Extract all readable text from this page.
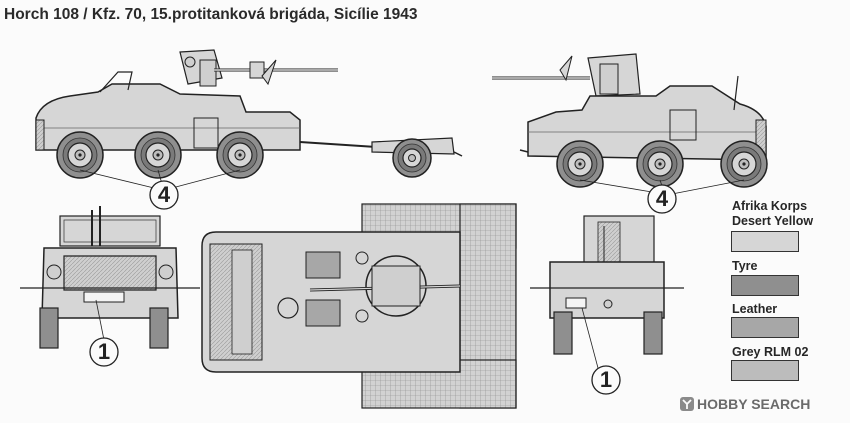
Horch 108 / Kfz. 70, 15.protitanková brigáda, Sicílie 1943
4	4
1
1
Afrika Korps
Desert Yellow
Tyre
Leather
Grey RLM 02
HOBBY SEARCH
